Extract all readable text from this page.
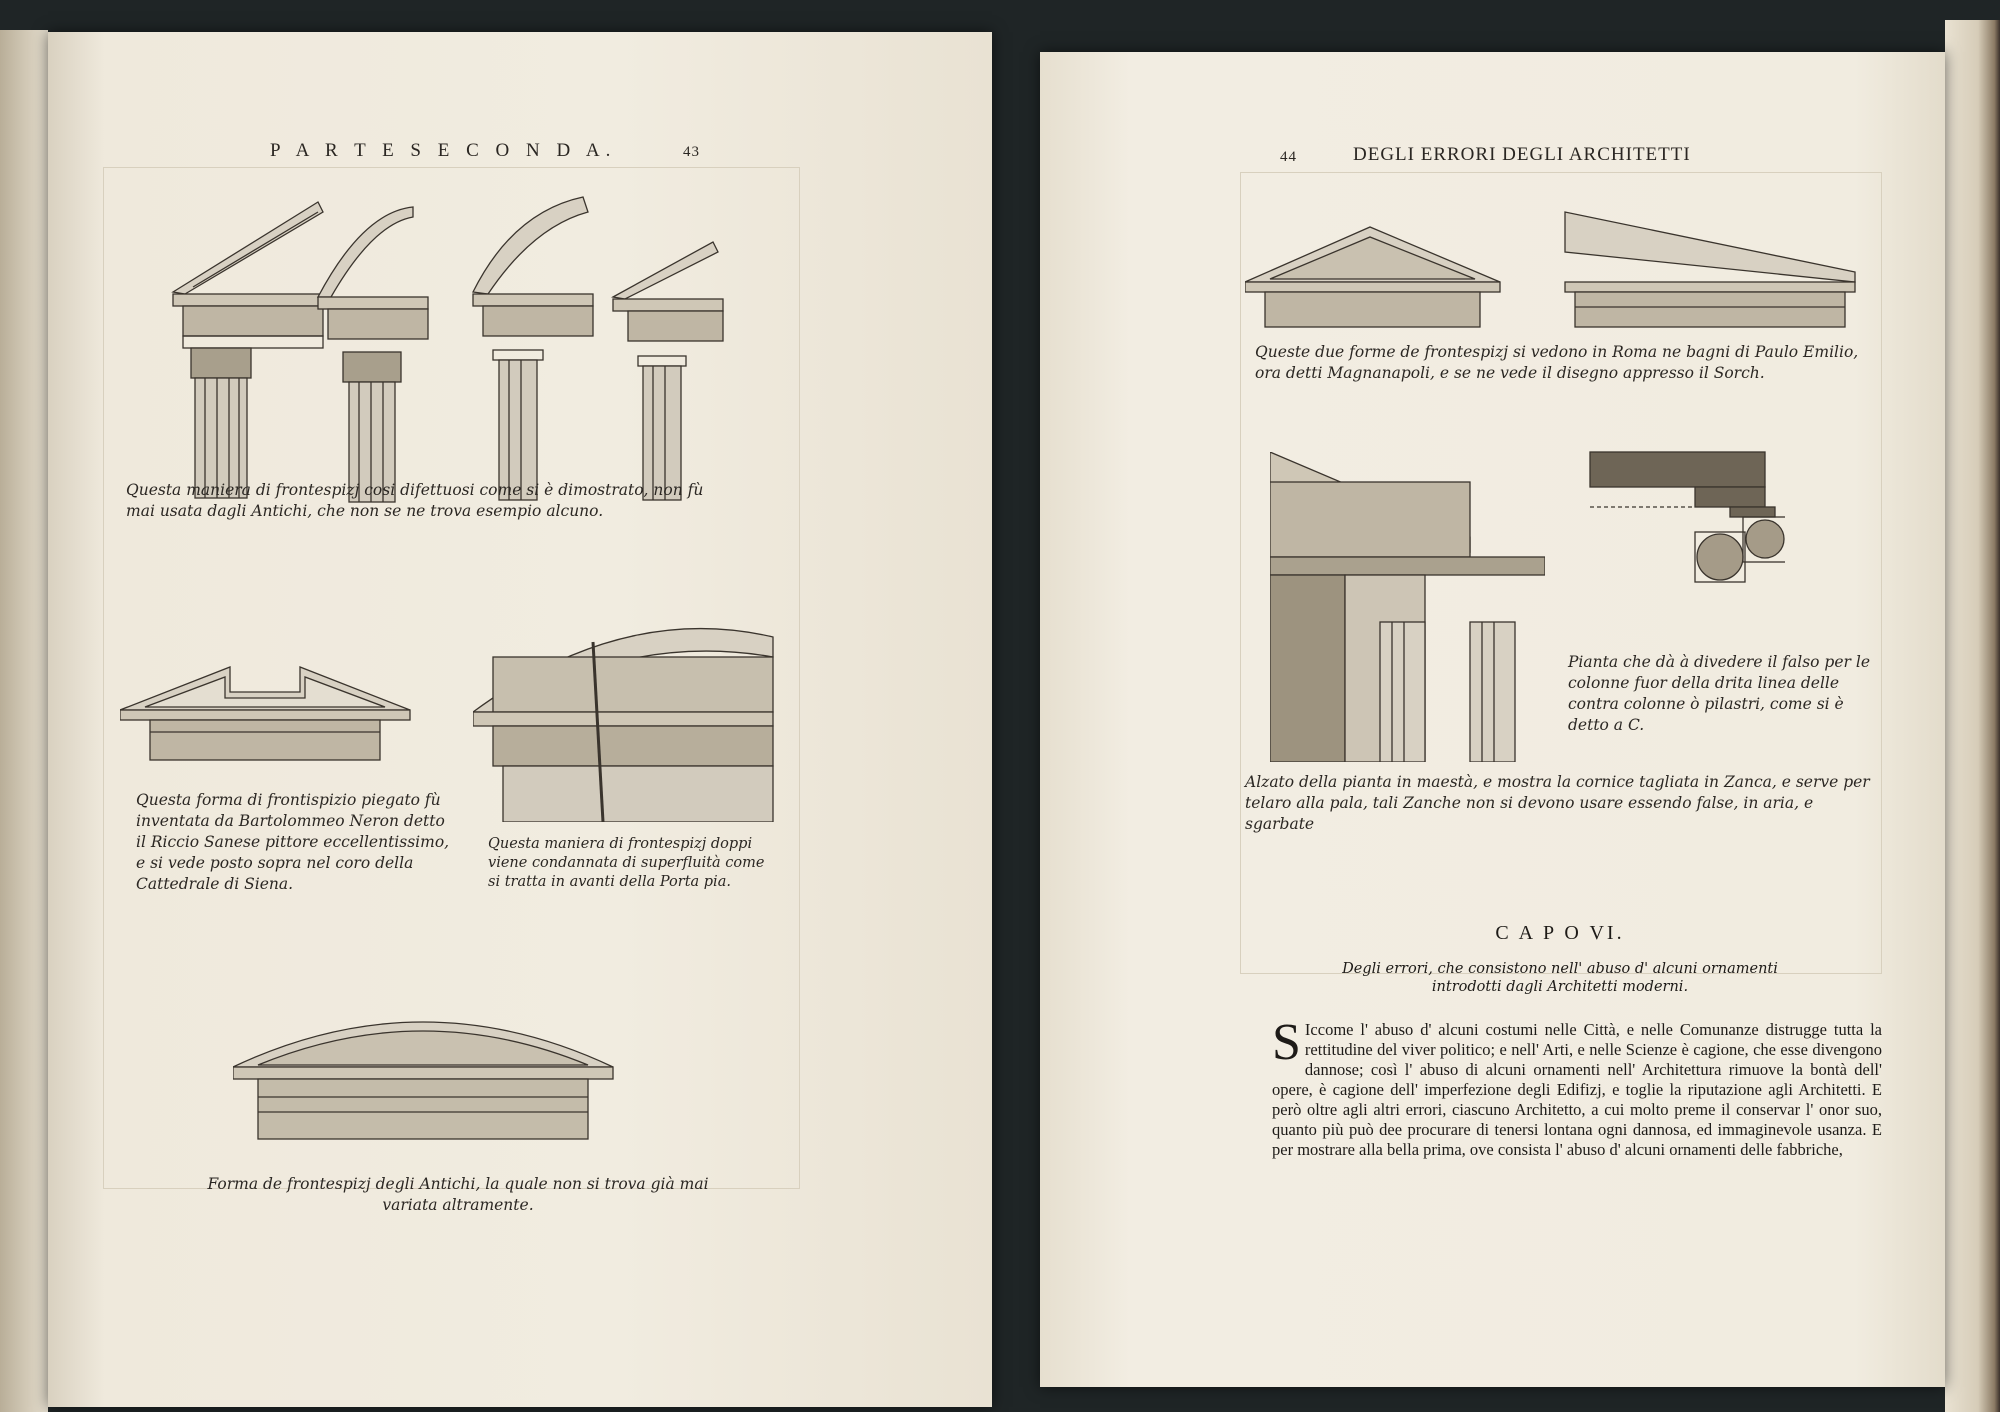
P A R T E S E C O N D A.	43
Questa maniera di frontespizj cosi difettuosi come si è dimostrato, non fù mai usata dagli Antichi, che non se ne trova esempio alcuno.
Questa forma di frontispizio piegato fù inventata da Bartolommeo Neron detto il Riccio Sanese pittore eccellentissimo, e si vede posto sopra nel coro della Cattedrale di Siena.
Questa maniera di frontespizj doppi viene condannata di superfluità come si tratta in avanti della Porta pia.
Forma de frontespizj degli Antichi, la quale non si trova già mai variata altramente.
44	DEGLI ERRORI DEGLI ARCHITETTI
Queste due forme de frontespizj si vedono in Roma ne bagni di Paulo Emilio, ora detti Magnanapoli, e se ne vede il disegno appresso il Sorch.
Pianta che dà à divedere il falso per le colonne fuor della drita linea delle contra colonne ò pilastri, come si è detto a C.
Alzato della pianta in maestà, e mostra la cornice tagliata in Zanca, e serve per telaro alla pala, tali Zanche non si devono usare essendo false, in aria, e sgarbate
C A P O VI.
Degli errori, che consistono nell' abuso d' alcuni ornamenti introdotti dagli Architetti moderni.
S Iccome l' abuso d' alcuni costumi nelle Città, e nelle Comunanze distrugge tutta la rettitudine del viver politico; e nell' Arti, e nelle Scienze è cagione, che esse divengono dannose; così l' abuso di alcuni ornamenti nell' Architettura rimuove la bontà dell' opere, è cagione dell' imperfezione degli Edifizj, e toglie la riputazione agli Architetti. E però oltre agli altri errori, ciascuno Architetto, a cui molto preme il conservar l' onor suo, quanto più può dee procurare di tenersi lontana ogni dannosa, ed immaginevole usanza. E per mostrare alla bella prima, ove consista l' abuso d' alcuni ornamenti delle fabbriche,
